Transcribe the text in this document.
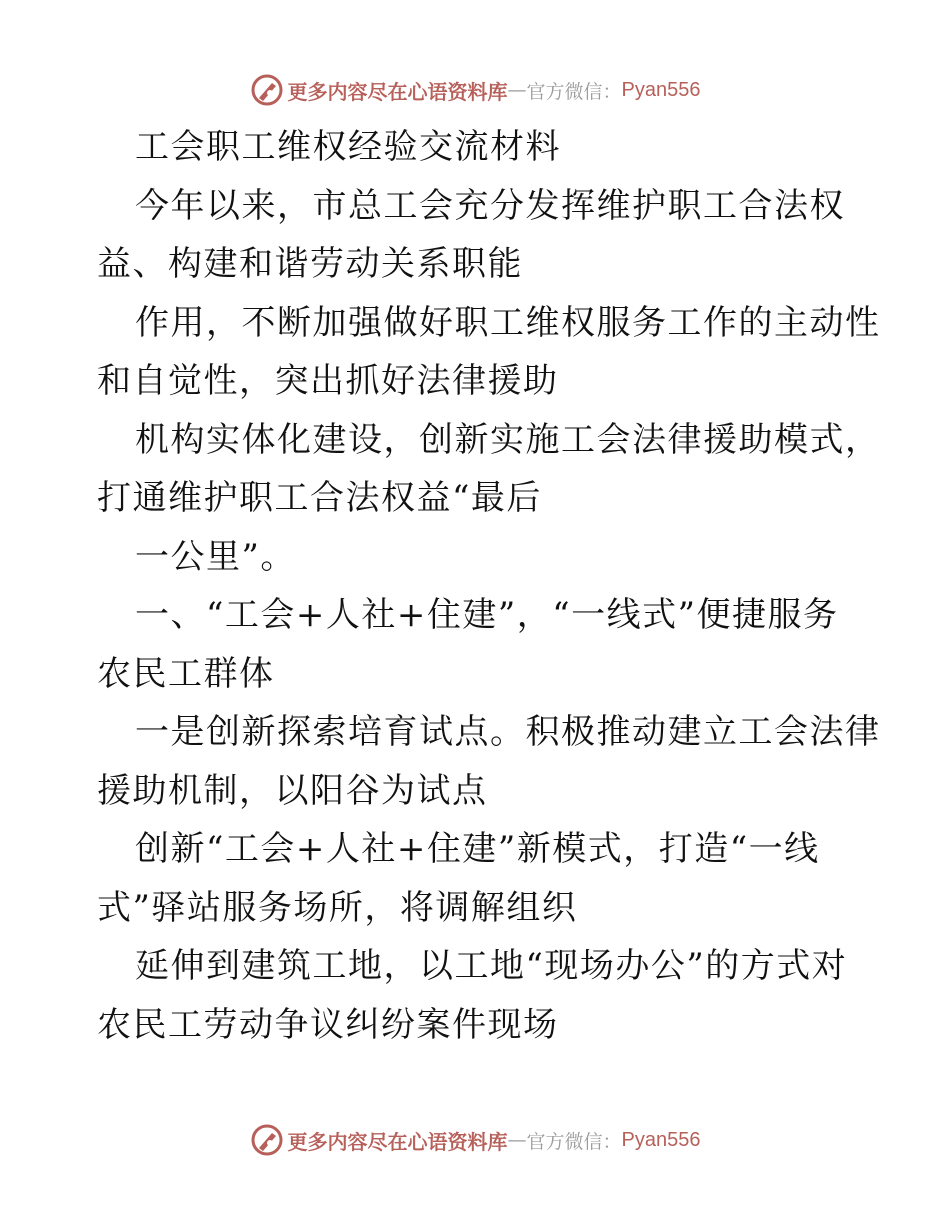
更多内容尽在心语资料库 — 官方微信： Pyan556
工会职工维权经验交流材料
今年以来，市总工会充分发挥维护职工合法权
益、构建和谐劳动关系职能
作用，不断加强做好职工维权服务工作的主动性
和自觉性，突出抓好法律援助
机构实体化建设，创新实施工会法律援助模式，
打通维护职工合法权益“最后
一公里”。
一、“工会+人社+住建”，“一线式”便捷服务
农民工群体
一是创新探索培育试点。积极推动建立工会法律
援助机制，以阳谷为试点
创新“工会+人社+住建”新模式，打造“一线
式”驿站服务场所，将调解组织
延伸到建筑工地，以工地“现场办公”的方式对
农民工劳动争议纠纷案件现场
更多内容尽在心语资料库 — 官方微信： Pyan556
